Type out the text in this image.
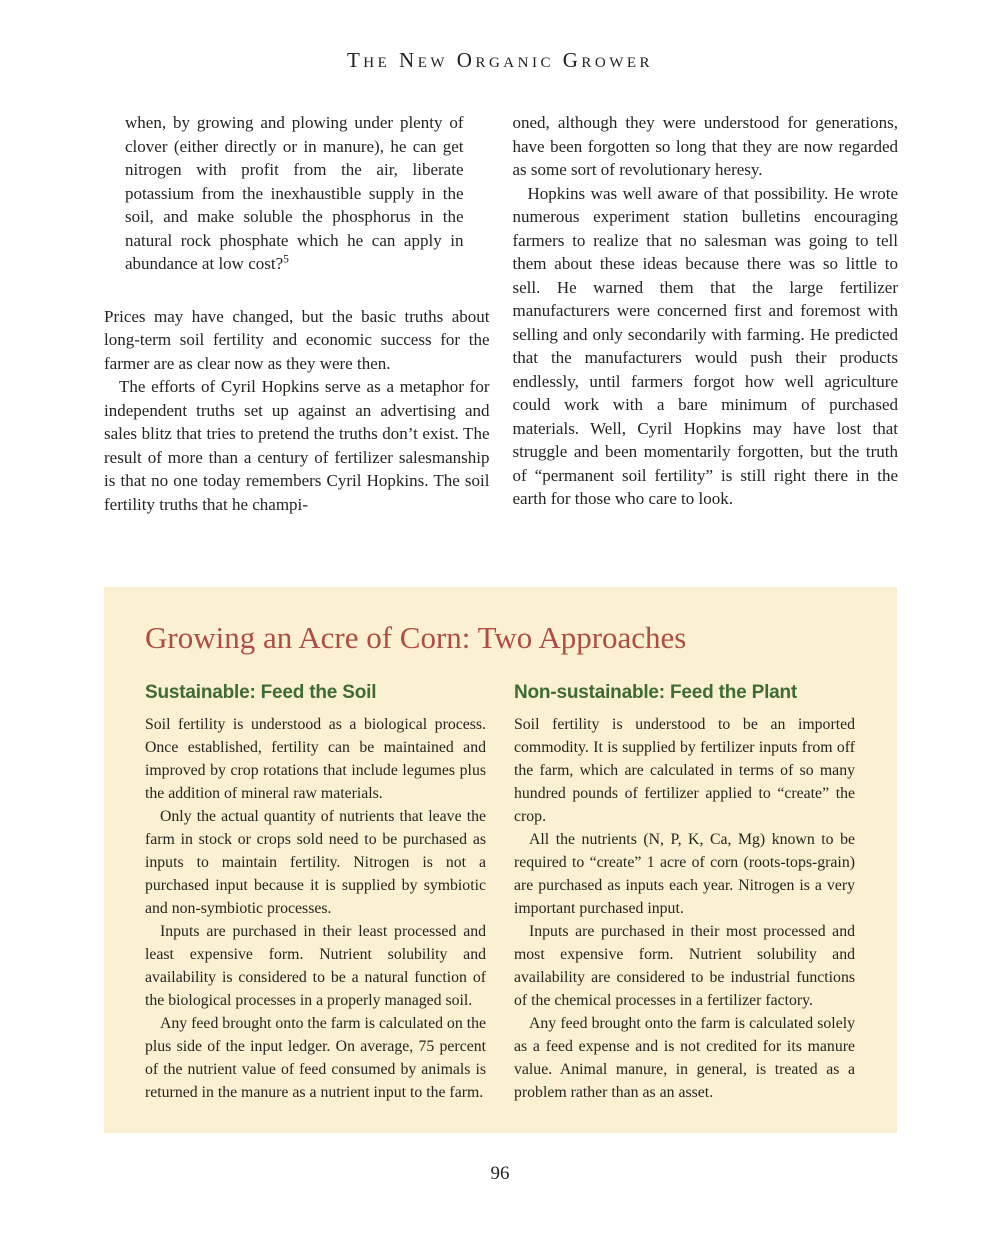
The New Organic Grower

when, by growing and plowing under plenty of clover (either directly or in manure), he can get nitrogen with profit from the air, liberate potassium from the inexhaustible supply in the soil, and make soluble the phosphorus in the natural rock phosphate which he can apply in abundance at low cost?$^5$

Prices may have changed, but the basic truths about long-term soil fertility and economic success for the farmer are as clear now as they were then.

The efforts of Cyril Hopkins serve as a metaphor for independent truths set up against an advertising and sales blitz that tries to pretend the truths don’t exist. The result of more than a century of fertilizer salesmanship is that no one today remembers Cyril Hopkins. The soil fertility truths that he champi-

oned, although they were understood for generations, have been forgotten so long that they are now regarded as some sort of revolutionary heresy.

Hopkins was well aware of that possibility. He wrote numerous experiment station bulletins encouraging farmers to realize that no salesman was going to tell them about these ideas because there was so little to sell. He warned them that the large fertilizer manufacturers were concerned first and foremost with selling and only secondarily with farming. He predicted that the manufacturers would push their products endlessly, until farmers forgot how well agriculture could work with a bare minimum of purchased materials. Well, Cyril Hopkins may have lost that struggle and been momentarily forgotten, but the truth of “permanent soil fertility” is still right there in the earth for those who care to look.

Growing an Acre of Corn: Two Approaches
Sustainable: Feed the Soil

Soil fertility is understood as a biological process. Once established, fertility can be maintained and improved by crop rotations that include legumes plus the addition of mineral raw materials.

Only the actual quantity of nutrients that leave the farm in stock or crops sold need to be purchased as inputs to maintain fertility. Nitrogen is not a purchased input because it is supplied by symbiotic and non-symbiotic processes.

Inputs are purchased in their least processed and least expensive form. Nutrient solubility and availability is considered to be a natural function of the biological processes in a properly managed soil.

Any feed brought onto the farm is calculated on the plus side of the input ledger. On average, 75 percent of the nutrient value of feed consumed by animals is returned in the manure as a nutrient input to the farm.

Non-sustainable: Feed the Plant

Soil fertility is understood to be an imported commodity. It is supplied by fertilizer inputs from off the farm, which are calculated in terms of so many hundred pounds of fertilizer applied to “create” the crop.

All the nutrients (N, P, K, Ca, Mg) known to be required to “create” 1 acre of corn (roots-tops-grain) are purchased as inputs each year. Nitrogen is a very important purchased input.

Inputs are purchased in their most processed and most expensive form. Nutrient solubility and availability are considered to be industrial functions of the chemical processes in a fertilizer factory.

Any feed brought onto the farm is calculated solely as a feed expense and is not credited for its manure value. Animal manure, in general, is treated as a problem rather than as an asset.

96
